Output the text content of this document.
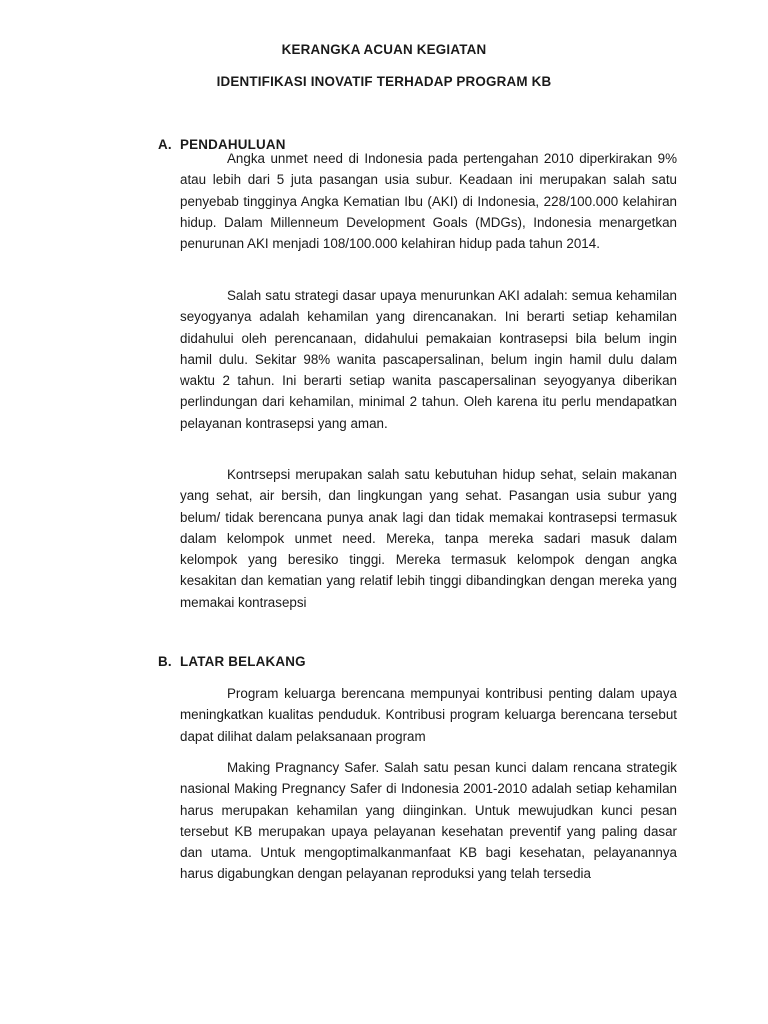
KERANGKA ACUAN KEGIATAN
IDENTIFIKASI INOVATIF TERHADAP PROGRAM KB
A. PENDAHULUAN

Angka unmet need di Indonesia pada pertengahan 2010 diperkirakan 9% atau lebih dari 5 juta pasangan usia subur. Keadaan ini merupakan salah satu penyebab tingginya Angka Kematian Ibu (AKI) di Indonesia, 228/100.000 kelahiran hidup. Dalam Millenneum Development Goals (MDGs), Indonesia menargetkan penurunan AKI menjadi 108/100.000 kelahiran hidup pada tahun 2014.

Salah satu strategi dasar upaya menurunkan AKI adalah: semua kehamilan seyogyanya adalah kehamilan yang direncanakan. Ini berarti setiap kehamilan didahului oleh perencanaan, didahului pemakaian kontrasepsi bila belum ingin hamil dulu. Sekitar 98% wanita pascapersalinan, belum ingin hamil dulu dalam waktu 2 tahun. Ini berarti setiap wanita pascapersalinan seyogyanya diberikan perlindungan dari kehamilan, minimal 2 tahun. Oleh karena itu perlu mendapatkan pelayanan kontrasepsi yang aman.

Kontrsepsi merupakan salah satu kebutuhan hidup sehat, selain makanan yang sehat, air bersih, dan lingkungan yang sehat. Pasangan usia subur yang belum/ tidak berencana punya anak lagi dan tidak memakai kontrasepsi termasuk dalam kelompok unmet need. Mereka, tanpa mereka sadari masuk dalam kelompok yang beresiko tinggi. Mereka termasuk kelompok dengan angka kesakitan dan kematian yang relatif lebih tinggi dibandingkan dengan mereka yang memakai kontrasepsi

B. LATAR BELAKANG

Program keluarga berencana mempunyai kontribusi penting dalam upaya meningkatkan kualitas penduduk. Kontribusi program keluarga berencana tersebut dapat dilihat dalam pelaksanaan program

Making Pragnancy Safer. Salah satu pesan kunci dalam rencana strategik nasional Making Pregnancy Safer di Indonesia 2001-2010 adalah setiap kehamilan harus merupakan kehamilan yang diinginkan. Untuk mewujudkan kunci pesan tersebut KB merupakan upaya pelayanan kesehatan preventif yang paling dasar dan utama. Untuk mengoptimalkanmanfaat KB bagi kesehatan, pelayanannya harus digabungkan dengan pelayanan reproduksi yang telah tersedia
